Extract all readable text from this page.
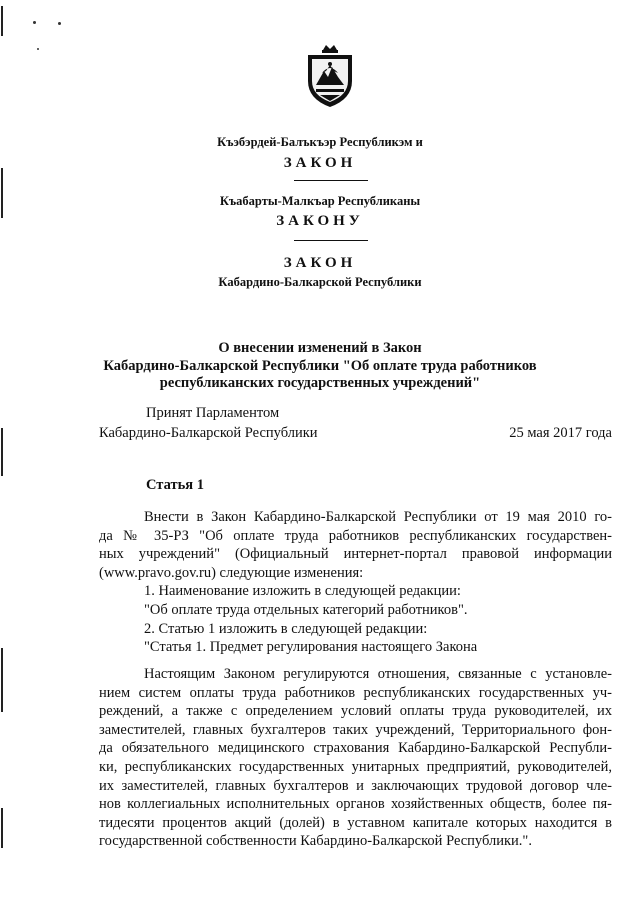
Къэбэрдей-Балъкъэр Республикэм и
ЗАКОН
Къабарты-Малкъар Республиканы
ЗАКОНУ
ЗАКОН
Кабардино-Балкарской Республики
О внесении изменений в Закон
Кабардино-Балкарской Республики "Об оплате труда работников
республиканских государственных учреждений"
Принят Парламентом
Кабардино-Балкарской Республики	25 мая 2017 года
Статья 1
Внести в Закон Кабардино-Балкарской Республики от 19 мая 2010 го-
да № 35-РЗ "Об оплате труда работников республиканских государствен-
ных учреждений" (Официальный интернет-портал правовой информации
(www.pravo.gov.ru) следующие изменения:
1. Наименование изложить в следующей редакции:
"Об оплате труда отдельных категорий работников".
2. Статью 1 изложить в следующей редакции:
"Статья 1. Предмет регулирования настоящего Закона
Настоящим Законом регулируются отношения, связанные с установле-
нием систем оплаты труда работников республиканских государственных уч-
реждений, а также с определением условий оплаты труда руководителей, их
заместителей, главных бухгалтеров таких учреждений, Территориального фон-
да обязательного медицинского страхования Кабардино-Балкарской Республи-
ки, республиканских государственных унитарных предприятий, руководителей,
их заместителей, главных бухгалтеров и заключающих трудовой договор чле-
нов коллегиальных исполнительных органов хозяйственных обществ, более пя-
тидесяти процентов акций (долей) в уставном капитале которых находится в
государственной собственности Кабардино-Балкарской Республики.".
